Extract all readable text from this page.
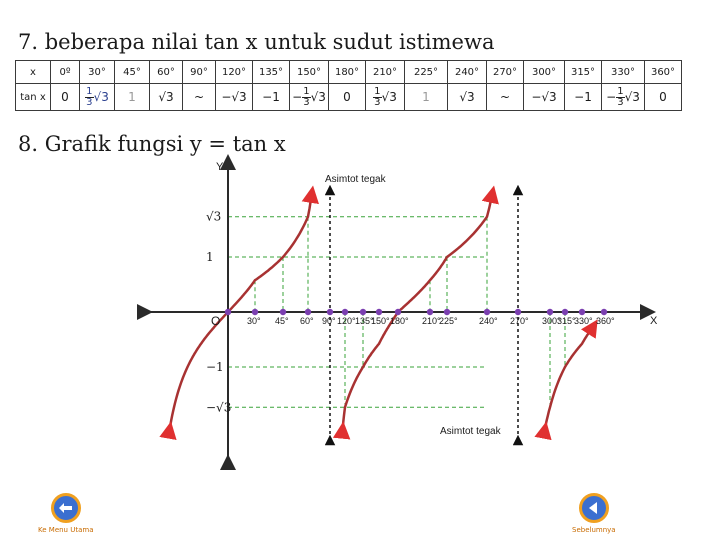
7. beberapa nilai tan x untuk sudut istimewa
x	0º	30°	45°	60°	90°	120°	135°	150°	180°	210°	225°	240°	270°	300°	315°	330°	360°
tan x	0	$\frac{1}{3} √3$	1	√3	~	−√3	−1	− $\frac{1}{3} √3$	0	$\frac{1}{3} √3$	1	√3	~	−√3	−1	− $\frac{1}{3} √3$	0
8. Grafik fungsi y = tan x
Asimtot tegak
Asimtot tegak
30° 45° 60° 90° 120° 135°
150° 180° 210°
225° 240° 270° 300°
315°
330° 360°
√3
1
−1
−√3
O	X
Y
Ke Menu Utama	Sebelumnya
